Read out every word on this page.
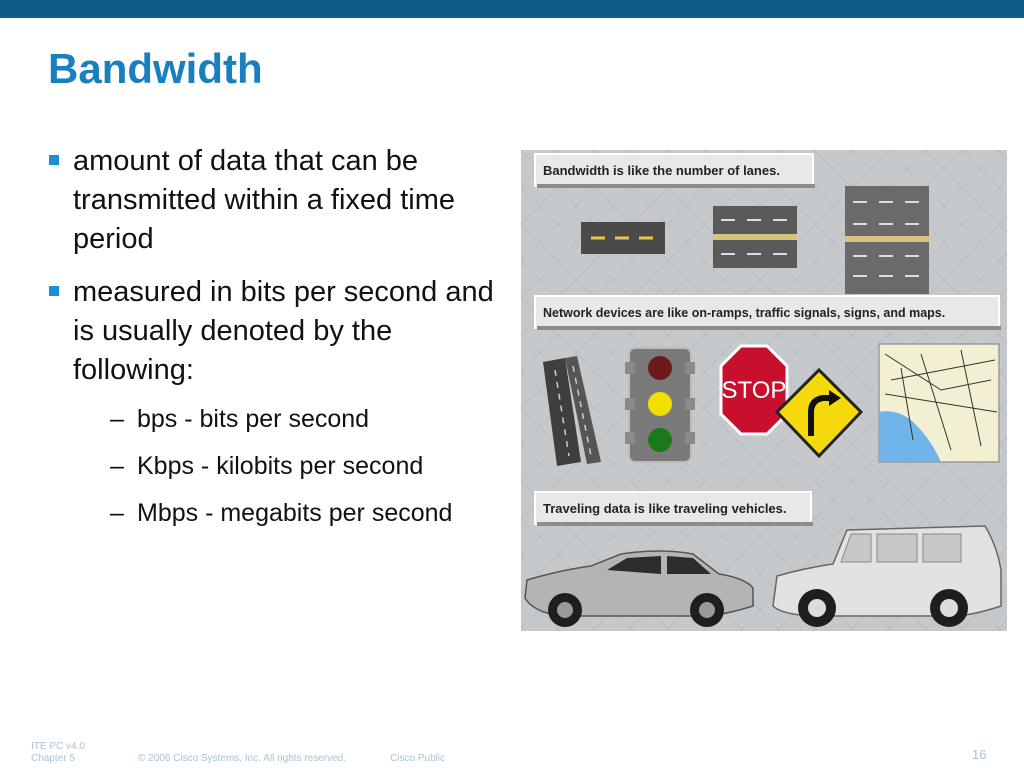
Bandwidth
amount of data that can be transmitted within a fixed time period
measured in bits per second and is usually denoted by the following:
– bps - bits per second
– Kbps - kilobits per second
– Mbps - megabits per second
Bandwidth is like the number of lanes.
Network devices are like on-ramps, traffic signals, signs, and maps.
STOP
Traveling data is like traveling vehicles.
ITE PC v4.0
Chapter 5	© 2006 Cisco Systems, Inc. All rights reserved.	Cisco Public	16
